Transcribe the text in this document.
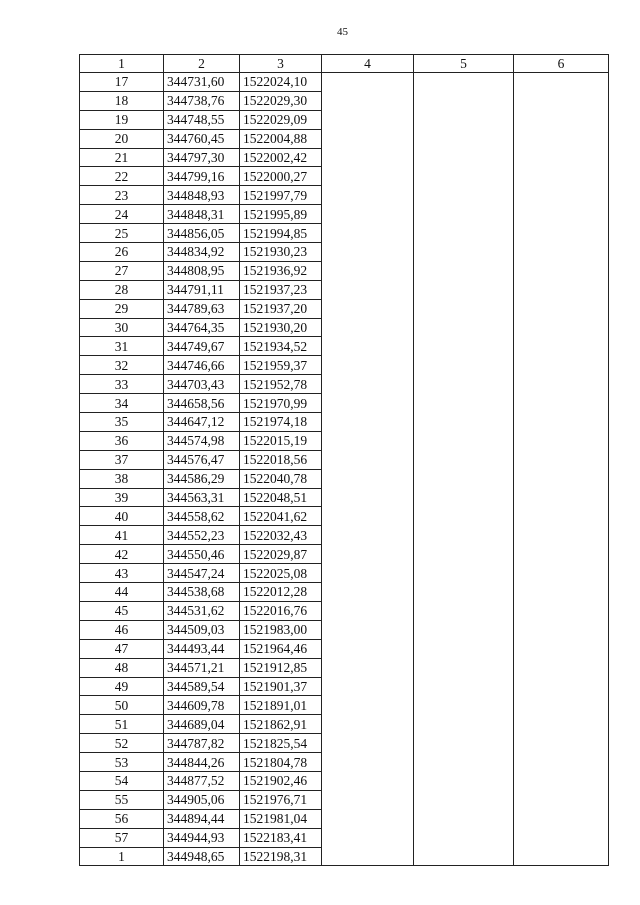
45
1	2	3	4	5	6
17	344731,60	1522024,10			
18	344738,76	1522029,30			
19	344748,55	1522029,09			
20	344760,45	1522004,88			
21	344797,30	1522002,42			
22	344799,16	1522000,27			
23	344848,93	1521997,79			
24	344848,31	1521995,89			
25	344856,05	1521994,85			
26	344834,92	1521930,23			
27	344808,95	1521936,92			
28	344791,11	1521937,23			
29	344789,63	1521937,20			
30	344764,35	1521930,20			
31	344749,67	1521934,52			
32	344746,66	1521959,37			
33	344703,43	1521952,78			
34	344658,56	1521970,99			
35	344647,12	1521974,18			
36	344574,98	1522015,19			
37	344576,47	1522018,56			
38	344586,29	1522040,78			
39	344563,31	1522048,51			
40	344558,62	1522041,62			
41	344552,23	1522032,43			
42	344550,46	1522029,87			
43	344547,24	1522025,08			
44	344538,68	1522012,28			
45	344531,62	1522016,76			
46	344509,03	1521983,00			
47	344493,44	1521964,46			
48	344571,21	1521912,85			
49	344589,54	1521901,37			
50	344609,78	1521891,01			
51	344689,04	1521862,91			
52	344787,82	1521825,54			
53	344844,26	1521804,78			
54	344877,52	1521902,46			
55	344905,06	1521976,71			
56	344894,44	1521981,04			
57	344944,93	1522183,41			
1	344948,65	1522198,31			
